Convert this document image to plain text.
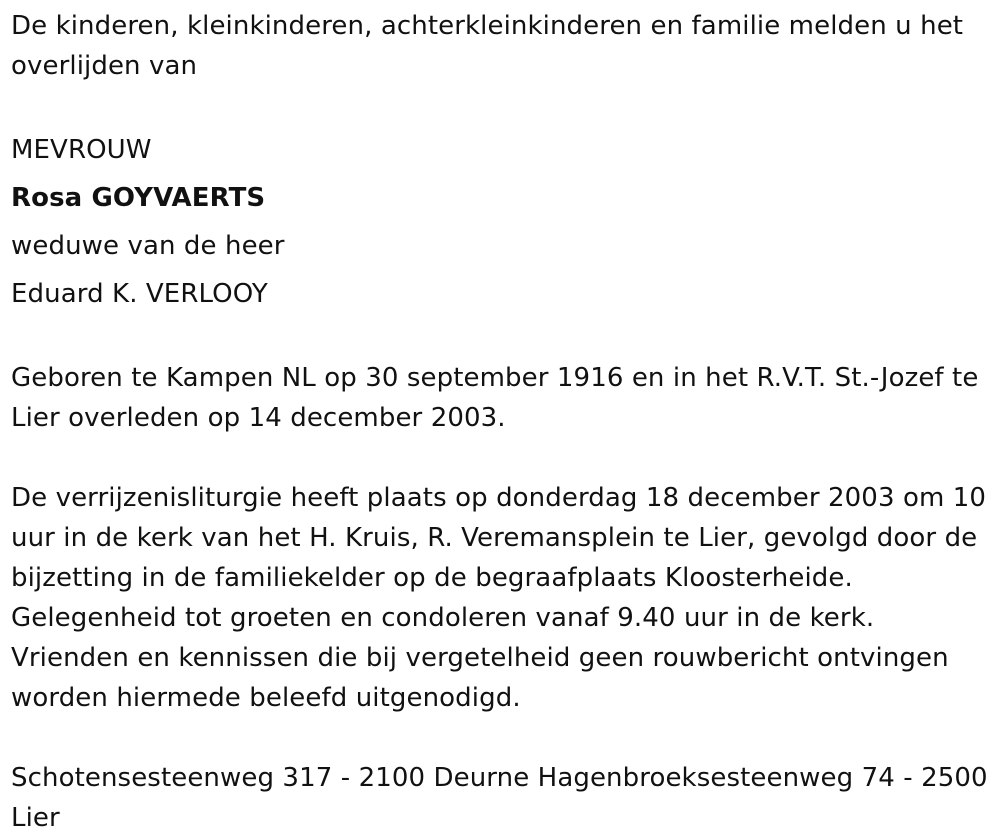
De kinderen, kleinkinderen, achterkleinkinderen en familie melden u het overlijden van

MEVROUW

Rosa GOYVAERTS

weduwe van de heer

Eduard K. VERLOOY

Geboren te Kampen NL op 30 september 1916 en in het R.V.T. St.-Jozef te Lier overleden op 14 december 2003.

De verrijzenisliturgie heeft plaats op donderdag 18 december 2003 om 10 uur in de kerk van het H. Kruis, R. Veremansplein te Lier, gevolgd door de bijzetting in de familiekelder op de begraafplaats Kloosterheide. Gelegenheid tot groeten en condoleren vanaf 9.40 uur in de kerk. Vrienden en kennissen die bij vergetelheid geen rouwbericht ontvingen worden hiermede beleefd uitgenodigd.

Schotensesteenweg 317 - 2100 Deurne Hagenbroeksesteenweg 74 - 2500 Lier
